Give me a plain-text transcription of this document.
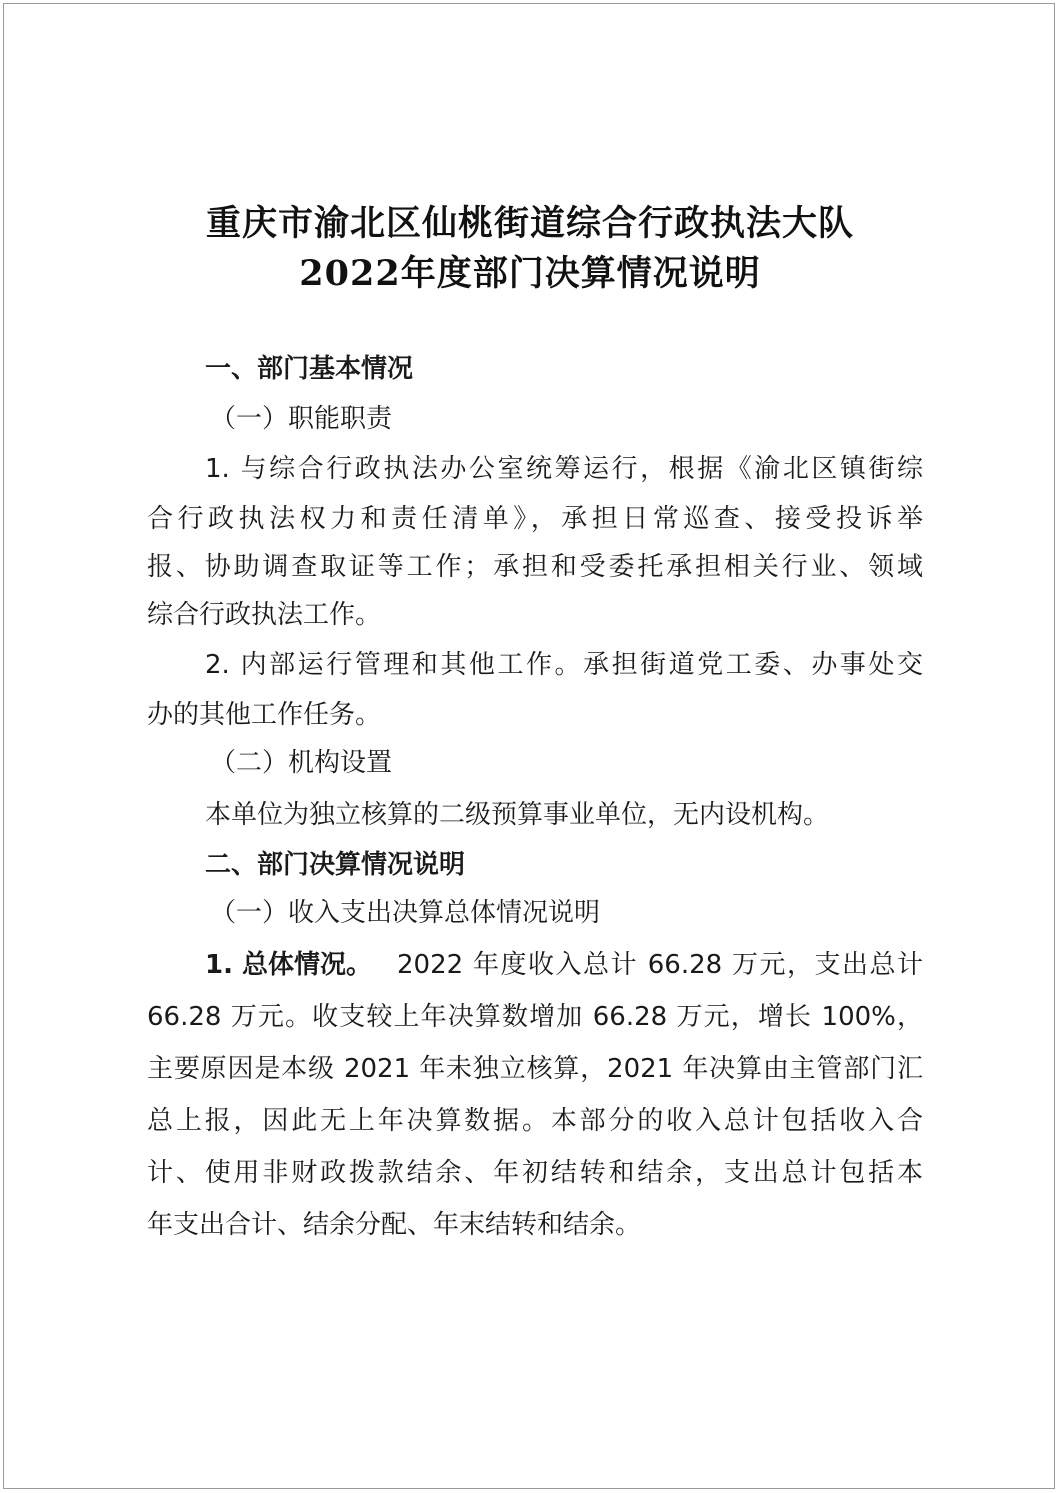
重庆市渝北区仙桃街道综合行政执法大队
2022年度部门决算情况说明
一、部门基本情况
（一）职能职责
1. 与综合行政执法办公室统筹运行，根据《渝北区镇街综
合行政执法权力和责任清单》，承担日常巡查、接受投诉举
报、协助调查取证等工作；承担和受委托承担相关行业、领域
综合行政执法工作。
2. 内部运行管理和其他工作。承担街道党工委、办事处交
办的其他工作任务。
（二）机构设置
本单位为独立核算的二级预算事业单位，无内设机构。
二、部门决算情况说明
（一）收入支出决算总体情况说明
1. 总体情况。 2022 年度收入总计 66.28 万元，支出总计
66.28 万元。收支较上年决算数增加 66.28 万元，增长 100%，
主要原因是本级 2021 年未独立核算，2021 年决算由主管部门汇
总上报，因此无上年决算数据。本部分的收入总计包括收入合
计、使用非财政拨款结余、年初结转和结余，支出总计包括本
年支出合计、结余分配、年末结转和结余。
